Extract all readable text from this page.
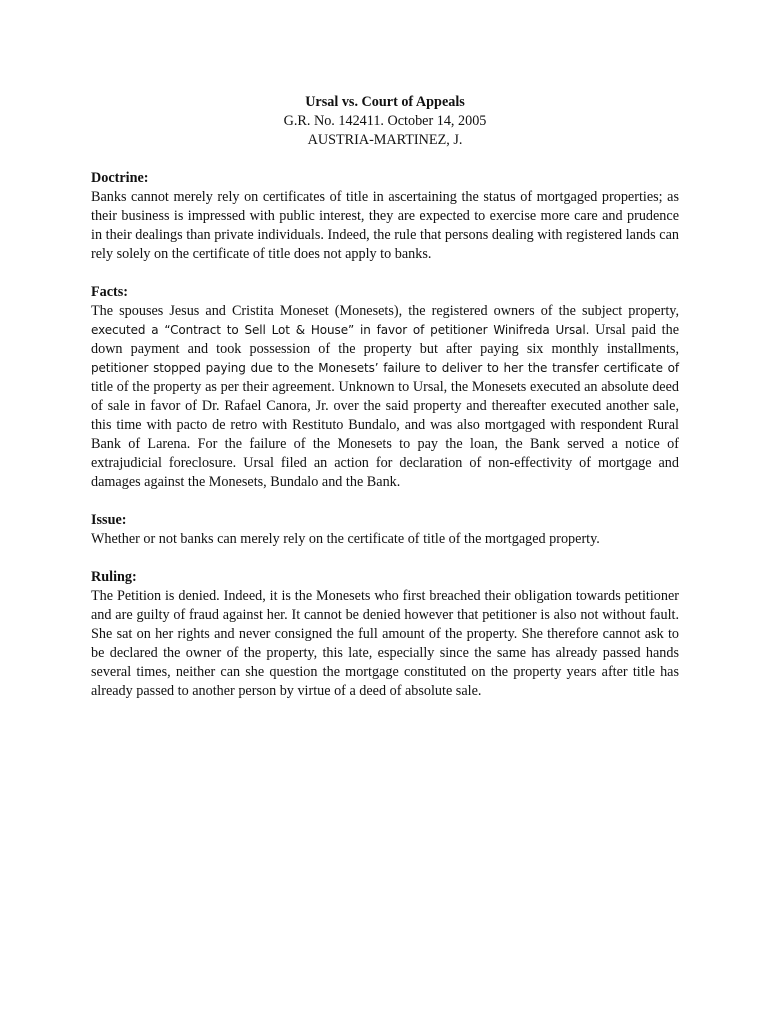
Ursal vs. Court of Appeals
G.R. No. 142411. October 14, 2005
AUSTRIA-MARTINEZ, J.
Doctrine:
Banks cannot merely rely on certificates of title in ascertaining the status of mortgaged properties; as their business is impressed with public interest, they are expected to exercise more care and prudence in their dealings than private individuals. Indeed, the rule that persons dealing with registered lands can rely solely on the certificate of title does not apply to banks.
Facts:
The spouses Jesus and Cristita Moneset (Monesets), the registered owners of the subject property, executed a “Contract to Sell Lot & House” in favor of petitioner Winifreda Ursal. Ursal paid the down payment and took possession of the property but after paying six monthly installments, petitioner stopped paying due to the Monesets’ failure to deliver to her the transfer certificate of title of the property as per their agreement. Unknown to Ursal, the Monesets executed an absolute deed of sale in favor of Dr. Rafael Canora, Jr. over the said property and thereafter executed another sale, this time with pacto de retro with Restituto Bundalo, and was also mortgaged with respondent Rural Bank of Larena. For the failure of the Monesets to pay the loan, the Bank served a notice of extrajudicial foreclosure. Ursal filed an action for declaration of non-effectivity of mortgage and damages against the Monesets, Bundalo and the Bank.
Issue:
Whether or not banks can merely rely on the certificate of title of the mortgaged property.
Ruling:
The Petition is denied. Indeed, it is the Monesets who first breached their obligation towards petitioner and are guilty of fraud against her. It cannot be denied however that petitioner is also not without fault. She sat on her rights and never consigned the full amount of the property. She therefore cannot ask to be declared the owner of the property, this late, especially since the same has already passed hands several times, neither can she question the mortgage constituted on the property years after title has already passed to another person by virtue of a deed of absolute sale.
